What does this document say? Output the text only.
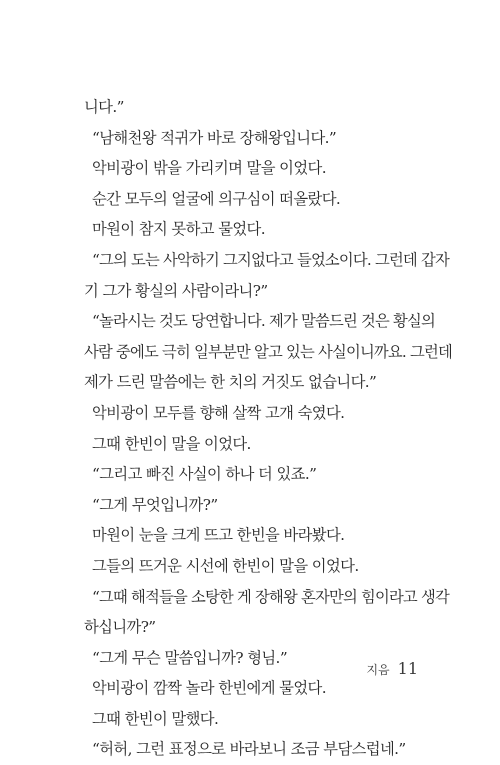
니다.”
“남해천왕 적귀가 바로 장해왕입니다.”
악비광이 밖을 가리키며 말을 이었다.
순간 모두의 얼굴에 의구심이 떠올랐다.
마원이 참지 못하고 물었다.
“그의 도는 사악하기 그지없다고 들었소이다. 그런데 갑자
기 그가 황실의 사람이라니?”
“놀라시는 것도 당연합니다. 제가 말씀드린 것은 황실의
사람 중에도 극히 일부분만 알고 있는 사실이니까요. 그런데
제가 드린 말씀에는 한 치의 거짓도 없습니다.”
악비광이 모두를 향해 살짝 고개 숙였다.
그때 한빈이 말을 이었다.
“그리고 빠진 사실이 하나 더 있죠.”
“그게 무엇입니까?”
마원이 눈을 크게 뜨고 한빈을 바라봤다.
그들의 뜨거운 시선에 한빈이 말을 이었다.
“그때 해적들을 소탕한 게 장해왕 혼자만의 힘이라고 생각
하십니까?”
“그게 무슨 말씀입니까? 형님.”
악비광이 깜짝 놀라 한빈에게 물었다.
그때 한빈이 말했다.
“허허, 그런 표정으로 바라보니 조금 부담스럽네.”
지음 11
